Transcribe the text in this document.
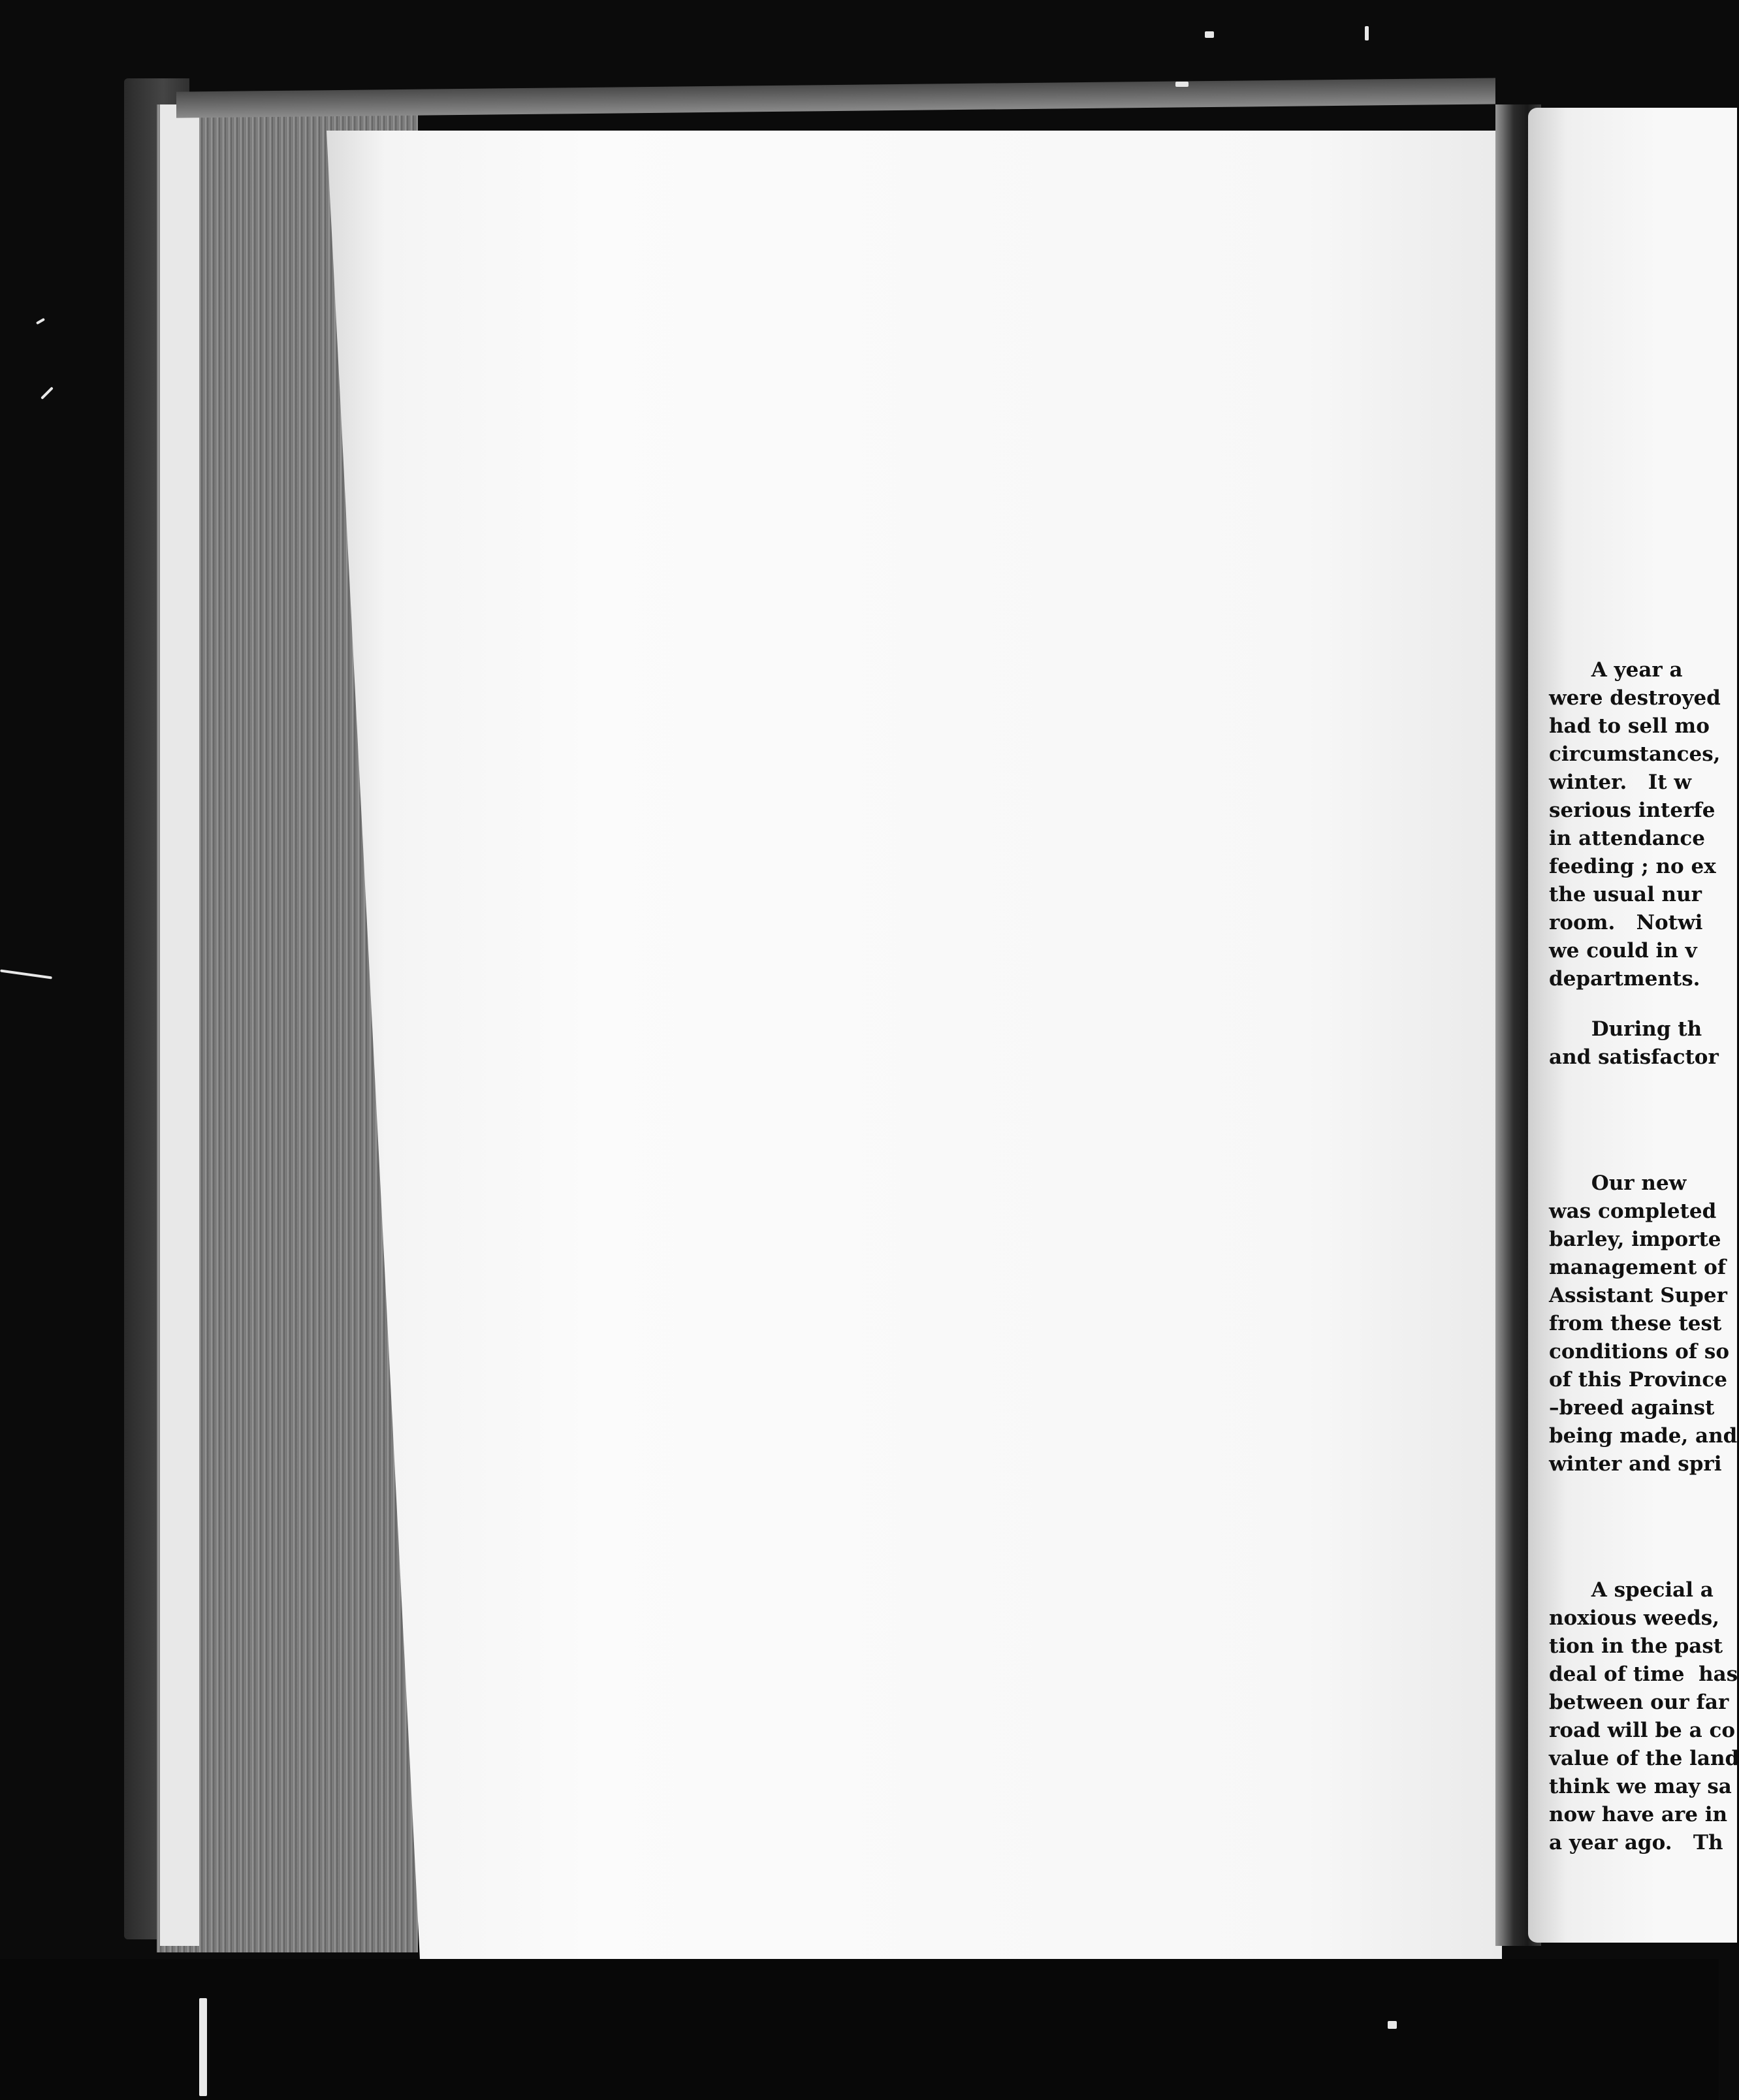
A year a

were destroyed

had to sell mo

circumstances,

winter.   It w

serious interfe

in attendance

feeding ; no ex

the usual nur

room.   Notwi

we could in v

departments.

During th

and satisfactor

Our new

was completed

barley, importe

management of

Assistant Super

from these test

conditions of so

of this Province

–breed against

being made, and

winter and spri

A special a

noxious weeds,

tion in the past

deal of time  has

between our far

road will be a co

value of the land

think we may sa

now have are in

a year ago.   Th
